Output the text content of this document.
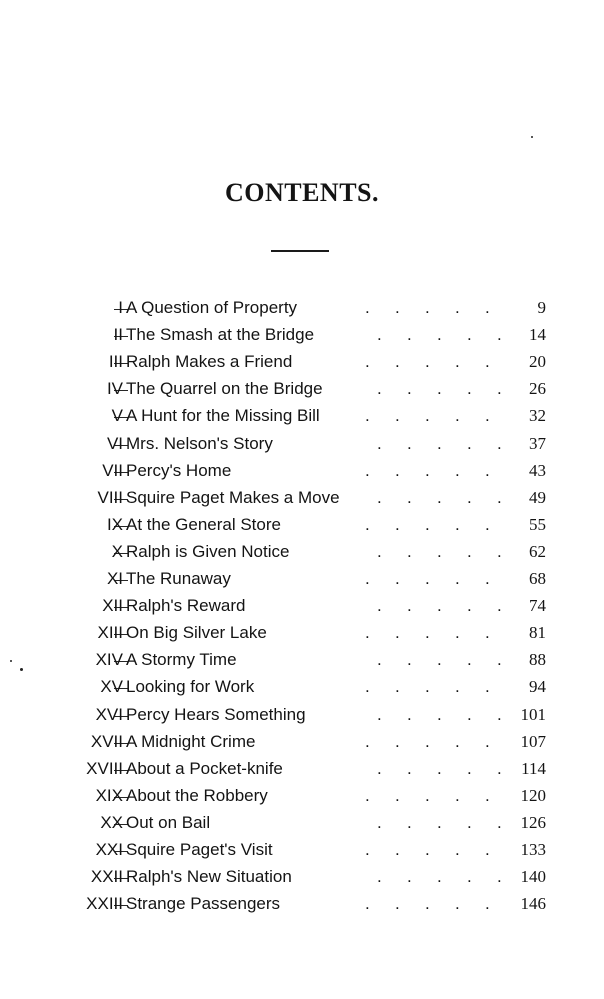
CONTENTS.
I A Question of Property	. . . . .	9
II The Smash at the Bridge	. . . . . 14
III Ralph Makes a Friend	. . . . . 20
IV The Quarrel on the Bridge	. . . . . 26
V A Hunt for the Missing Bill	. . . . . 32
VI Mrs. Nelson's Story	. . . . . 37
VII Percy's Home	. . . . . 43
VIII Squire Paget Makes a Move . . . . . 49
IX At the General Store	. . . . . 55
X Ralph is Given Notice	. . . . . 62
XI The Runaway	. . . . . 68
XII Ralph's Reward	. . . . . 74
XIII On Big Silver Lake	. . . . . 81
XIV A Stormy Time	. . . . . 88
XV Looking for Work	. . . . . 94
XVI Percy Hears Something	. . . . . 101
XVII A Midnight Crime	. . . . . 107
XVIII About a Pocket-knife	. . . . . 114
XIX About the Robbery	. . . . . 120
XX Out on Bail	. . . . . 126
XXI Squire Paget's Visit	. . . . . 133
XXII Ralph's New Situation	. . . . . 140
XXIII Strange Passengers	. . . . . 146
